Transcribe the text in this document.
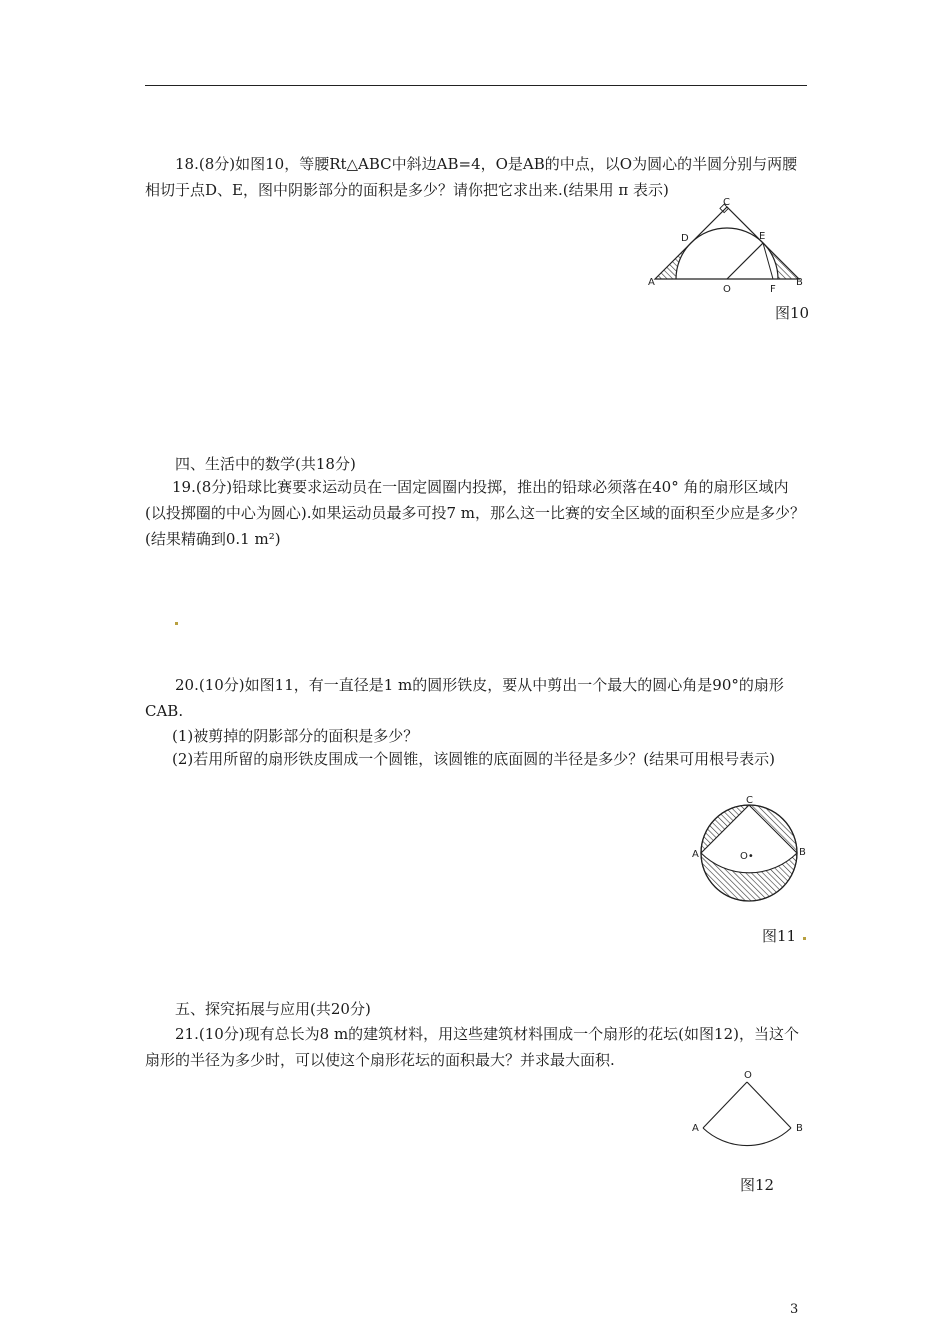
18.(8分)如图10，等腰Rt△ABC中斜边AB=4，O是AB的中点，以O为圆心的半圆分别与两腰相切于点D、E，图中阴影部分的面积是多少？请你把它求出来.(结果用 π 表示)

A	B
C
D	E
O	F
图10

四、生活中的数学(共18分)

19.(8分)铅球比赛要求运动员在一固定圆圈内投掷，推出的铅球必须落在40° 角的扇形区域内(以投掷圈的中心为圆心).如果运动员最多可投7 m，那么这一比赛的安全区域的面积至少应是多少？(结果精确到0.1 m²)

20.(10分)如图11，有一直径是1 m的圆形铁皮，要从中剪出一个最大的圆心角是90°的扇形CAB.

(1)被剪掉的阴影部分的面积是多少？

(2)若用所留的扇形铁皮围成一个圆锥，该圆锥的底面圆的半径是多少？(结果可用根号表示)

C
A	B
O•
图11

五、探究拓展与应用(共20分)

21.(10分)现有总长为8 m的建筑材料，用这些建筑材料围成一个扇形的花坛(如图12)，当这个扇形的半径为多少时，可以使这个扇形花坛的面积最大？并求最大面积.

O
A	B
图12
3
